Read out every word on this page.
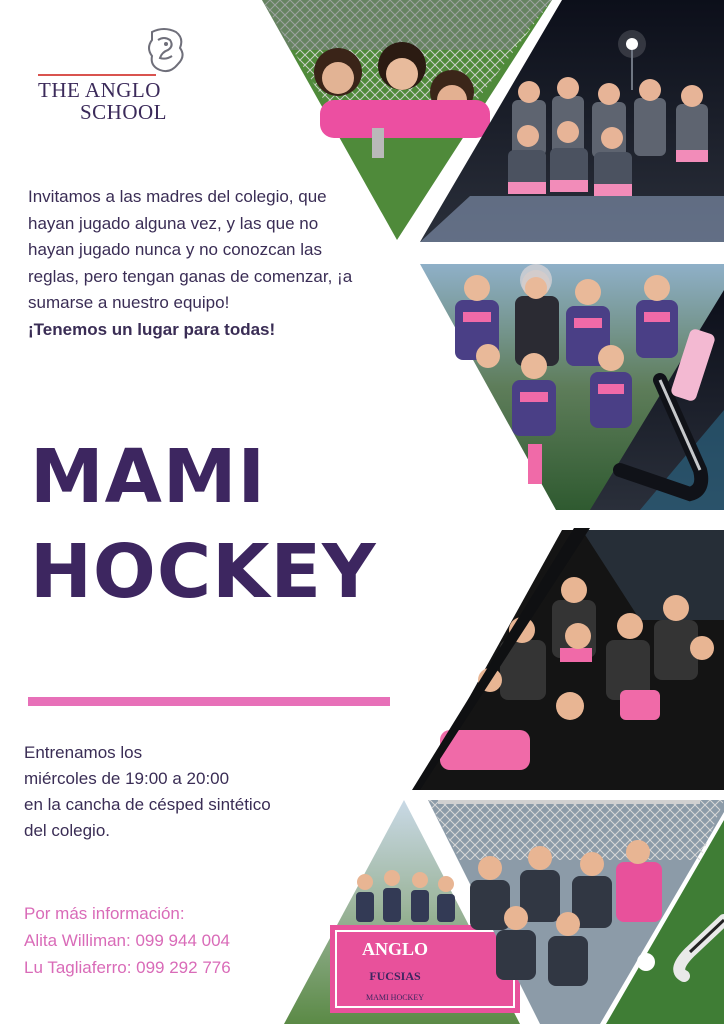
ANGLO
FUCSIAS
MAMI HOCKEY
THE ANGLO
SCHOOL
Invitamos a las madres del colegio, que hayan jugado alguna vez, y las que no hayan jugado nunca y no conozcan las reglas, pero tengan ganas de comenzar, ¡a sumarse a nuestro equipo!
¡Tenemos un lugar para todas!
MAMI
HOCKEY
Entrenamos los
miércoles de 19:00 a 20:00
en la cancha de césped sintético
del colegio.
Por más información:
Alita Williman: 099 944 004
Lu Tagliaferro: 099 292 776
